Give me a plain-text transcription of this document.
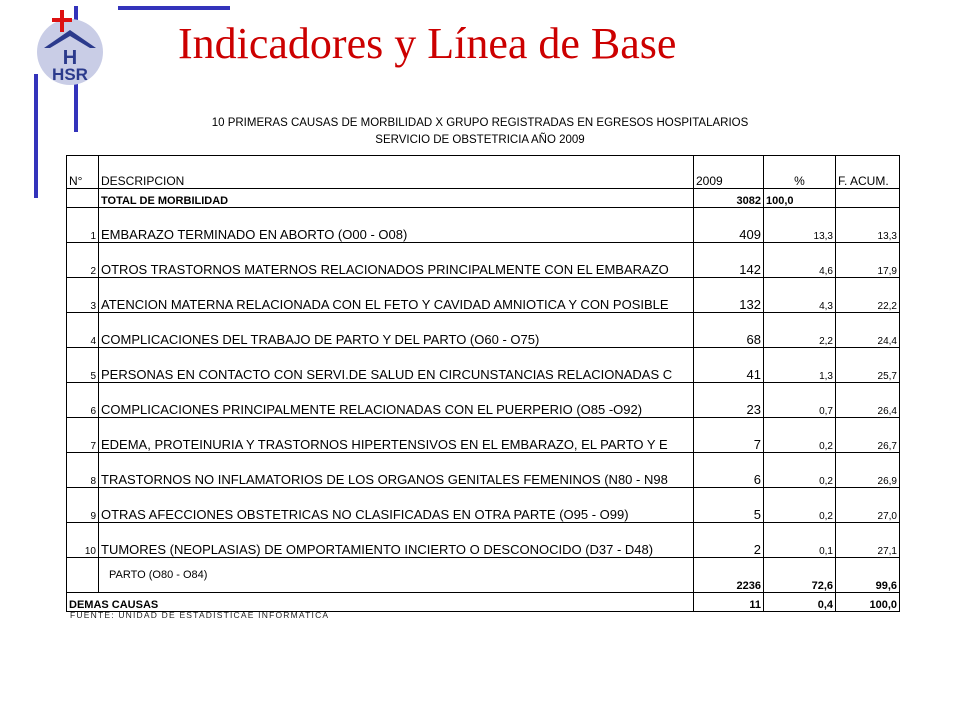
H
HSR
Indicadores y Línea de Base
10 PRIMERAS CAUSAS DE MORBILIDAD X GRUPO REGISTRADAS EN EGRESOS HOSPITALARIOS
SERVICIO DE OBSTETRICIA AÑO 2009
N°	DESCRIPCION	2009	%	F. ACUM.
	TOTAL DE MORBILIDAD	3082	100,0	
1	EMBARAZO TERMINADO EN ABORTO (O00 - O08)	409	13,3	13,3
2	OTROS TRASTORNOS MATERNOS RELACIONADOS PRINCIPALMENTE CON EL EMBARAZO	142	4,6	17,9
3	ATENCION MATERNA RELACIONADA CON EL FETO Y CAVIDAD AMNIOTICA Y CON POSIBLE	132	4,3	22,2
4	COMPLICACIONES DEL TRABAJO DE PARTO Y DEL PARTO (O60 - O75)	68	2,2	24,4
5	PERSONAS EN CONTACTO CON SERVI.DE SALUD EN CIRCUNSTANCIAS RELACIONADAS C	41	1,3	25,7
6	COMPLICACIONES PRINCIPALMENTE RELACIONADAS CON EL PUERPERIO (O85 -O92)	23	0,7	26,4
7	EDEMA, PROTEINURIA Y TRASTORNOS HIPERTENSIVOS EN EL EMBARAZO, EL PARTO Y E	7	0,2	26,7
8	TRASTORNOS NO INFLAMATORIOS DE LOS ORGANOS GENITALES FEMENINOS (N80 - N98	6	0,2	26,9
9	OTRAS AFECCIONES OBSTETRICAS NO CLASIFICADAS EN OTRA PARTE (O95 - O99)	5	0,2	27,0
10	TUMORES (NEOPLASIAS) DE OMPORTAMIENTO INCIERTO O DESCONOCIDO (D37 - D48)	2	0,1	27,1
	PARTO (O80 - O84)	2236	72,6	99,6
DEMAS CAUSAS		11	0,4	100,0
FUENTE: UNIDAD DE ESTADISTICAE INFORMATICA
